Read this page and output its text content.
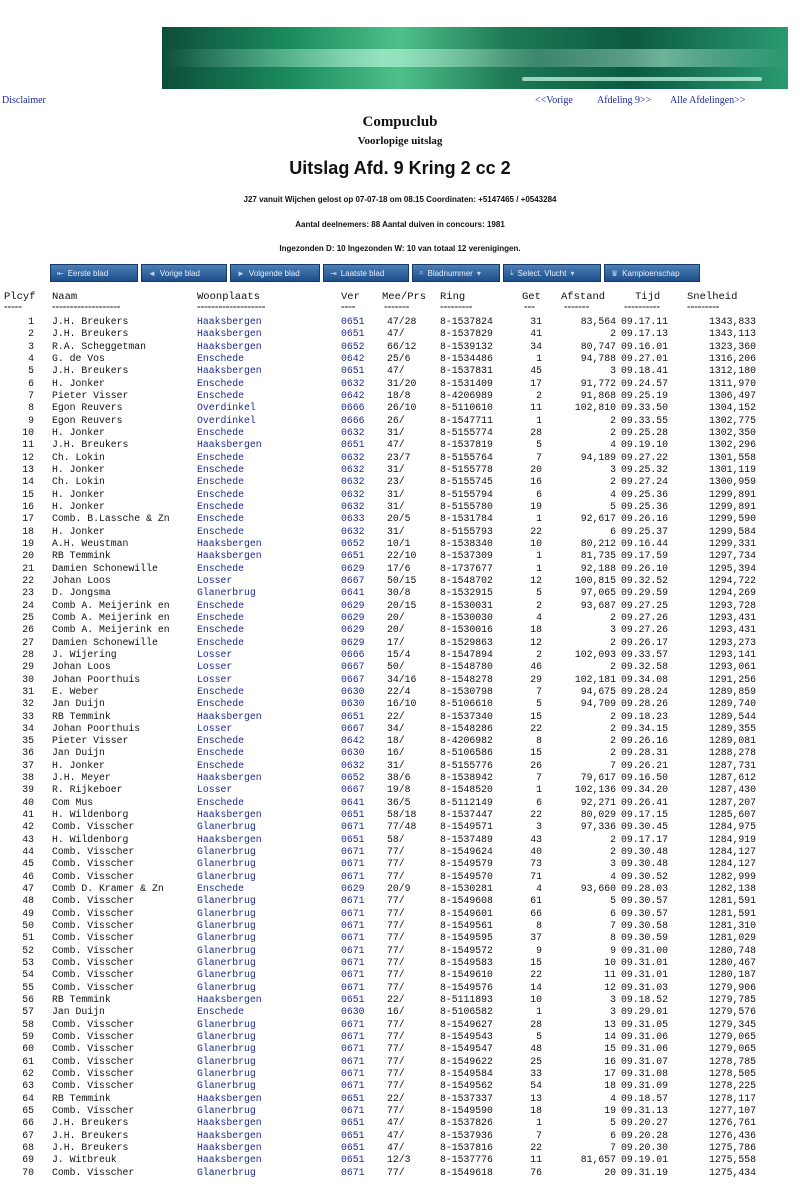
Disclaimer	<<Vorige Afdeling 9>> Alle Afdelingen>>
Compuclub
Voorlopige uitslag
Uitslag Afd. 9 Kring 2 cc 2
J27 vanuit Wijchen gelost op 07-07-18 om 08.15 Coordinaten: +5147465 / +0543284
Aantal deelnemers: 88 Aantal duiven in concours: 1981
Ingezonden D: 10 Ingezonden W: 10 van totaal 12 verenigingen.
⇤ Eerste blad	◄ Vorige blad	► Volgende blad	⇥ Laatste blad	⌕ Bladnummer ▾	⤓ Select. Vlucht ▾	♛ Kampioenschap
Plcyf Naam	Woonplaats	Ver Mee/Prs Ring	Get Afstand	Tijd	Snelheid
=====	===================	===================	====	=======	=========	===	=======	==========	=========
1 J.H. Breukers	Haaksbergen	0651 47/28 8-1537824	31	83,564 09.17.11	1343,833
2 J.H. Breukers	Haaksbergen	0651 47/	8-1537829	41	2 09.17.13	1343,113
3 R.A. Scheggetman	Haaksbergen	0652 66/12 8-1539132	34	80,747 09.16.01	1323,360
4 G. de Vos	Enschede	0642 25/6	8-1534486	1	94,788 09.27.01	1316,206
5 J.H. Breukers	Haaksbergen	0651 47/	8-1537831	45	3 09.18.41	1312,180
6 H. Jonker	Enschede	0632 31/20 8-1531409	17	91,772 09.24.57	1311,970
7 Pieter Visser	Enschede	0642 18/8	8-4206989	2	91,868 09.25.19	1306,497
8 Egon Reuvers	Overdinkel	0666 26/10 8-5110610	11	102,810 09.33.50	1304,152
9 Egon Reuvers	Overdinkel	0666 26/	8-1547711	1	2 09.33.55	1302,775
10 H. Jonker	Enschede	0632 31/	8-5155774	28	2 09.25.28	1302,350
11 J.H. Breukers	Haaksbergen	0651 47/	8-1537819	5	4 09.19.10	1302,296
12 Ch. Lokin	Enschede	0632 23/7	8-5155764	7	94,189 09.27.22	1301,558
13 H. Jonker	Enschede	0632 31/	8-5155778	20	3 09.25.32	1301,119
14 Ch. Lokin	Enschede	0632 23/	8-5155745	16	2 09.27.24	1300,959
15 H. Jonker	Enschede	0632 31/	8-5155794	6	4 09.25.36	1299,891
16 H. Jonker	Enschede	0632 31/	8-5155780	19	5 09.25.36	1299,891
17 Comb. B.Lassche & Zn	Enschede	0633 20/5	8-1531784	1	92,617 09.26.16	1299,590
18 H. Jonker	Enschede	0632 31/	8-5155793	22	6 09.25.37	1299,584
19 A.H. Weustman	Haaksbergen	0652 10/1	8-1538340	10	80,212 09.16.44	1299,331
20 RB Temmink	Haaksbergen	0651 22/10 8-1537309	1	81,735 09.17.59	1297,734
21 Damien Schonewille	Enschede	0629 17/6	8-1737677	1	92,188 09.26.10	1295,394
22 Johan Loos	Losser	0667 50/15 8-1548702	12	100,815 09.32.52	1294,722
23 D. Jongsma	Glanerbrug	0641 30/8	8-1532915	5	97,065 09.29.59	1294,269
24 Comb A. Meijerink en	Enschede	0629 20/15 8-1530031	2	93,687 09.27.25	1293,728
25 Comb A. Meijerink en	Enschede	0629 20/	8-1530030	4	2 09.27.26	1293,431
26 Comb A. Meijerink en	Enschede	0629 20/	8-1530016	18	3 09.27.26	1293,431
27 Damien Schonewille	Enschede	0629 17/	8-1529863	12	2 09.26.17	1293,273
28 J. Wijering	Losser	0666 15/4	8-1547894	2	102,093 09.33.57	1293,141
29 Johan Loos	Losser	0667 50/	8-1548780	46	2 09.32.58	1293,061
30 Johan Poorthuis	Losser	0667 34/16 8-1548278	29	102,181 09.34.08	1291,256
31 E. Weber	Enschede	0630 22/4	8-1530798	7	94,675 09.28.24	1289,859
32 Jan Duijn	Enschede	0630 16/10 8-5106610	5	94,709 09.28.26	1289,740
33 RB Temmink	Haaksbergen	0651 22/	8-1537340	15	2 09.18.23	1289,544
34 Johan Poorthuis	Losser	0667 34/	8-1548286	22	2 09.34.15	1289,355
35 Pieter Visser	Enschede	0642 18/	8-4206982	8	2 09.26.16	1289,081
36 Jan Duijn	Enschede	0630 16/	8-5106586	15	2 09.28.31	1288,278
37 H. Jonker	Enschede	0632 31/	8-5155776	26	7 09.26.21	1287,731
38 J.H. Meyer	Haaksbergen	0652 38/6	8-1538942	7	79,617 09.16.50	1287,612
39 R. Rijkeboer	Losser	0667 19/8	8-1548520	1	102,136 09.34.20	1287,430
40 Com Mus	Enschede	0641 36/5	8-5112149	6	92,271 09.26.41	1287,207
41 H. Wildenborg	Haaksbergen	0651 58/18 8-1537447	22	80,029 09.17.15	1285,607
42 Comb. Visscher	Glanerbrug	0671 77/48 8-1549571	3	97,336 09.30.45	1284,975
43 H. Wildenborg	Haaksbergen	0651 58/	8-1537489	43	2 09.17.17	1284,919
44 Comb. Visscher	Glanerbrug	0671 77/	8-1549624	40	2 09.30.48	1284,127
45 Comb. Visscher	Glanerbrug	0671 77/	8-1549579	73	3 09.30.48	1284,127
46 Comb. Visscher	Glanerbrug	0671 77/	8-1549570	71	4 09.30.52	1282,999
47 Comb D. Kramer & Zn	Enschede	0629 20/9	8-1530281	4	93,660 09.28.03	1282,138
48 Comb. Visscher	Glanerbrug	0671 77/	8-1549608	61	5 09.30.57	1281,591
49 Comb. Visscher	Glanerbrug	0671 77/	8-1549601	66	6 09.30.57	1281,591
50 Comb. Visscher	Glanerbrug	0671 77/	8-1549561	8	7 09.30.58	1281,310
51 Comb. Visscher	Glanerbrug	0671 77/	8-1549595	37	8 09.30.59	1281,029
52 Comb. Visscher	Glanerbrug	0671 77/	8-1549572	9	9 09.31.00	1280,748
53 Comb. Visscher	Glanerbrug	0671 77/	8-1549583	15	10 09.31.01	1280,467
54 Comb. Visscher	Glanerbrug	0671 77/	8-1549610	22	11 09.31.01	1280,187
55 Comb. Visscher	Glanerbrug	0671 77/	8-1549576	14	12 09.31.03	1279,906
56 RB Temmink	Haaksbergen	0651 22/	8-5111893	10	3 09.18.52	1279,785
57 Jan Duijn	Enschede	0630 16/	8-5106582	1	3 09.29.01	1279,576
58 Comb. Visscher	Glanerbrug	0671 77/	8-1549627	28	13 09.31.05	1279,345
59 Comb. Visscher	Glanerbrug	0671 77/	8-1549543	5	14 09.31.06	1279,065
60 Comb. Visscher	Glanerbrug	0671 77/	8-1549547	48	15 09.31.06	1279,065
61 Comb. Visscher	Glanerbrug	0671 77/	8-1549622	25	16 09.31.07	1278,785
62 Comb. Visscher	Glanerbrug	0671 77/	8-1549584	33	17 09.31.08	1278,505
63 Comb. Visscher	Glanerbrug	0671 77/	8-1549562	54	18 09.31.09	1278,225
64 RB Temmink	Haaksbergen	0651 22/	8-1537337	13	4 09.18.57	1278,117
65 Comb. Visscher	Glanerbrug	0671 77/	8-1549590	18	19 09.31.13	1277,107
66 J.H. Breukers	Haaksbergen	0651 47/	8-1537826	1	5 09.20.27	1276,761
67 J.H. Breukers	Haaksbergen	0651 47/	8-1537936	7	6 09.20.28	1276,436
68 J.H. Breukers	Haaksbergen	0651 47/	8-1537816	22	7 09.20.30	1275,786
69 J. Witbreuk	Haaksbergen	0651 12/3	8-1537776	11	81,657 09.19.01	1275,558
70 Comb. Visscher	Glanerbrug	0671 77/	8-1549618	76	20 09.31.19	1275,434
